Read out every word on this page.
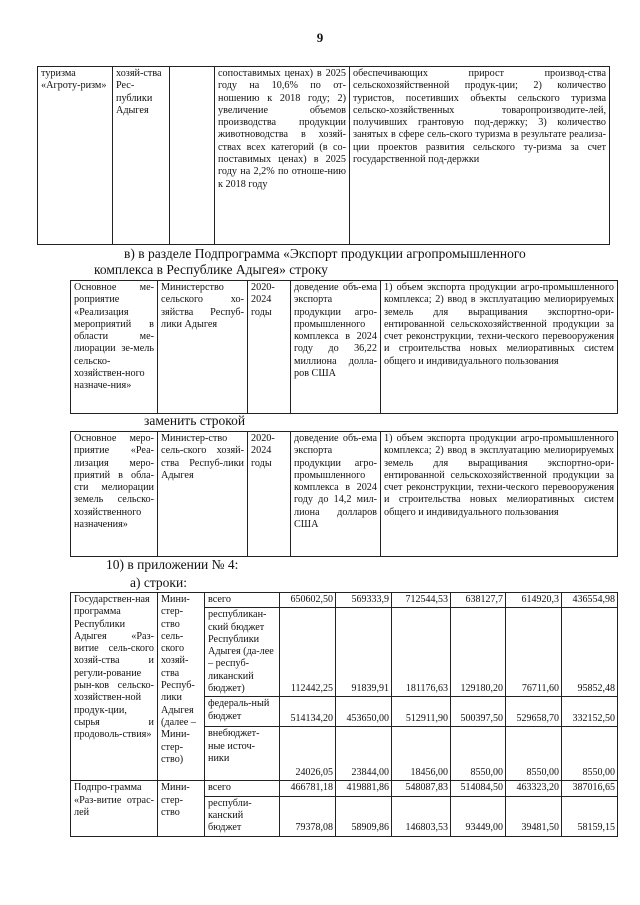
9
туризма «Агроту-ризм»	хозяй-ства Рес-публики Адыгея		сопоставимых ценах) в 2025 году на 10,6% по от-ношению к 2018 году; 2) увеличение объемов производства продукции животноводства в хозяй-ствах всех категорий (в со-поставимых ценах) в 2025 году на 2,2% по отноше-нию к 2018 году	обеспечивающих прирост производ-ства сельскохозяйственной продук-ции; 2) количество туристов, посетивших объекты сельского туризма сельско-хозяйственных товаропроизводите-лей, получивших грантовую под-держку; 3) количество занятых в сфере сель-ского туризма в результате реализа-ции проектов развития сельского ту-ризма за счет государственной под-держки
в) в разделе Подпрограмма «Экспорт продукции агропромышленного
комплекса в Республике Адыгея» строку
Основное ме-роприятие «Реализация мероприятий в области ме-лиорации зе-мель сельско-хозяйствен-ного назначе-ния»	Министерство сельского хо-зяйства Респуб-лики Адыгея	2020-2024 годы	доведение объ-ема экспорта продукции агро-промышленного комплекса в 2024 году до 36,22 миллиона долла-ров США	1) объем экспорта продукции агро-промышленного комплекса; 2) ввод в эксплуатацию мелиорируемых земель для выращивания экспортно-ори-ентированной сельскохозяйственной продукции за счет реконструкции, техни-ческого перевооружения и строительства новых мелиоративных систем общего и индивидуального пользования
заменить строкой
Основное меро-приятие «Реа-лизация меро-приятий в обла-сти мелиорации земель сельско-хозяйственного назначения»	Министер-ство сель-ского хозяй-ства Респуб-лики Адыгея	2020-2024 годы	доведение объ-ема экспорта продукции агро-промышленного комплекса в 2024 году до 14,2 мил-лиона долларов США	1) объем экспорта продукции агро-промышленного комплекса; 2) ввод в эксплуатацию мелиорируемых земель для выращивания экспортно-ори-ентированной сельскохозяйственной продукции за счет реконструкции, техни-ческого перевооружения и строительства новых мелиоративных систем общего и индивидуального пользования
10) в приложении № 4:
а) строки:
Государствен-ная программа Республики Адыгея «Раз-витие сель-ского хозяй-ства и регули-рование рын-ков сельско-хозяйствен-ной продук-ции, сырья и продоволь-ствия»	Мини-стер-ство сель-ского хозяй-ства Респуб-лики Адыгея (далее – Мини-стер-ство)	всего	650602,50	569333,9	712544,53	638127,7	614920,3	436554,98
		республикан-ский бюджет Республики Адыгея (да-лее – респуб-ликанский бюджет)	112442,25	91839,91	181176,63	129180,20	76711,60	95852,48
		федераль-ный бюджет	514134,20	453650,00	512911,90	500397,50	529658,70	332152,50
		внебюджет-ные источ-ники	24026,05	23844,00	18456,00	8550,00	8550,00	8550,00
Подпро-грамма «Раз-витие отрас-лей	Мини-стер-ство	всего	466781,18	419881,86	548087,83	514084,50	463323,20	387016,65
		республи-канский бюджет	79378,08	58909,86	146803,53	93449,00	39481,50	58159,15
